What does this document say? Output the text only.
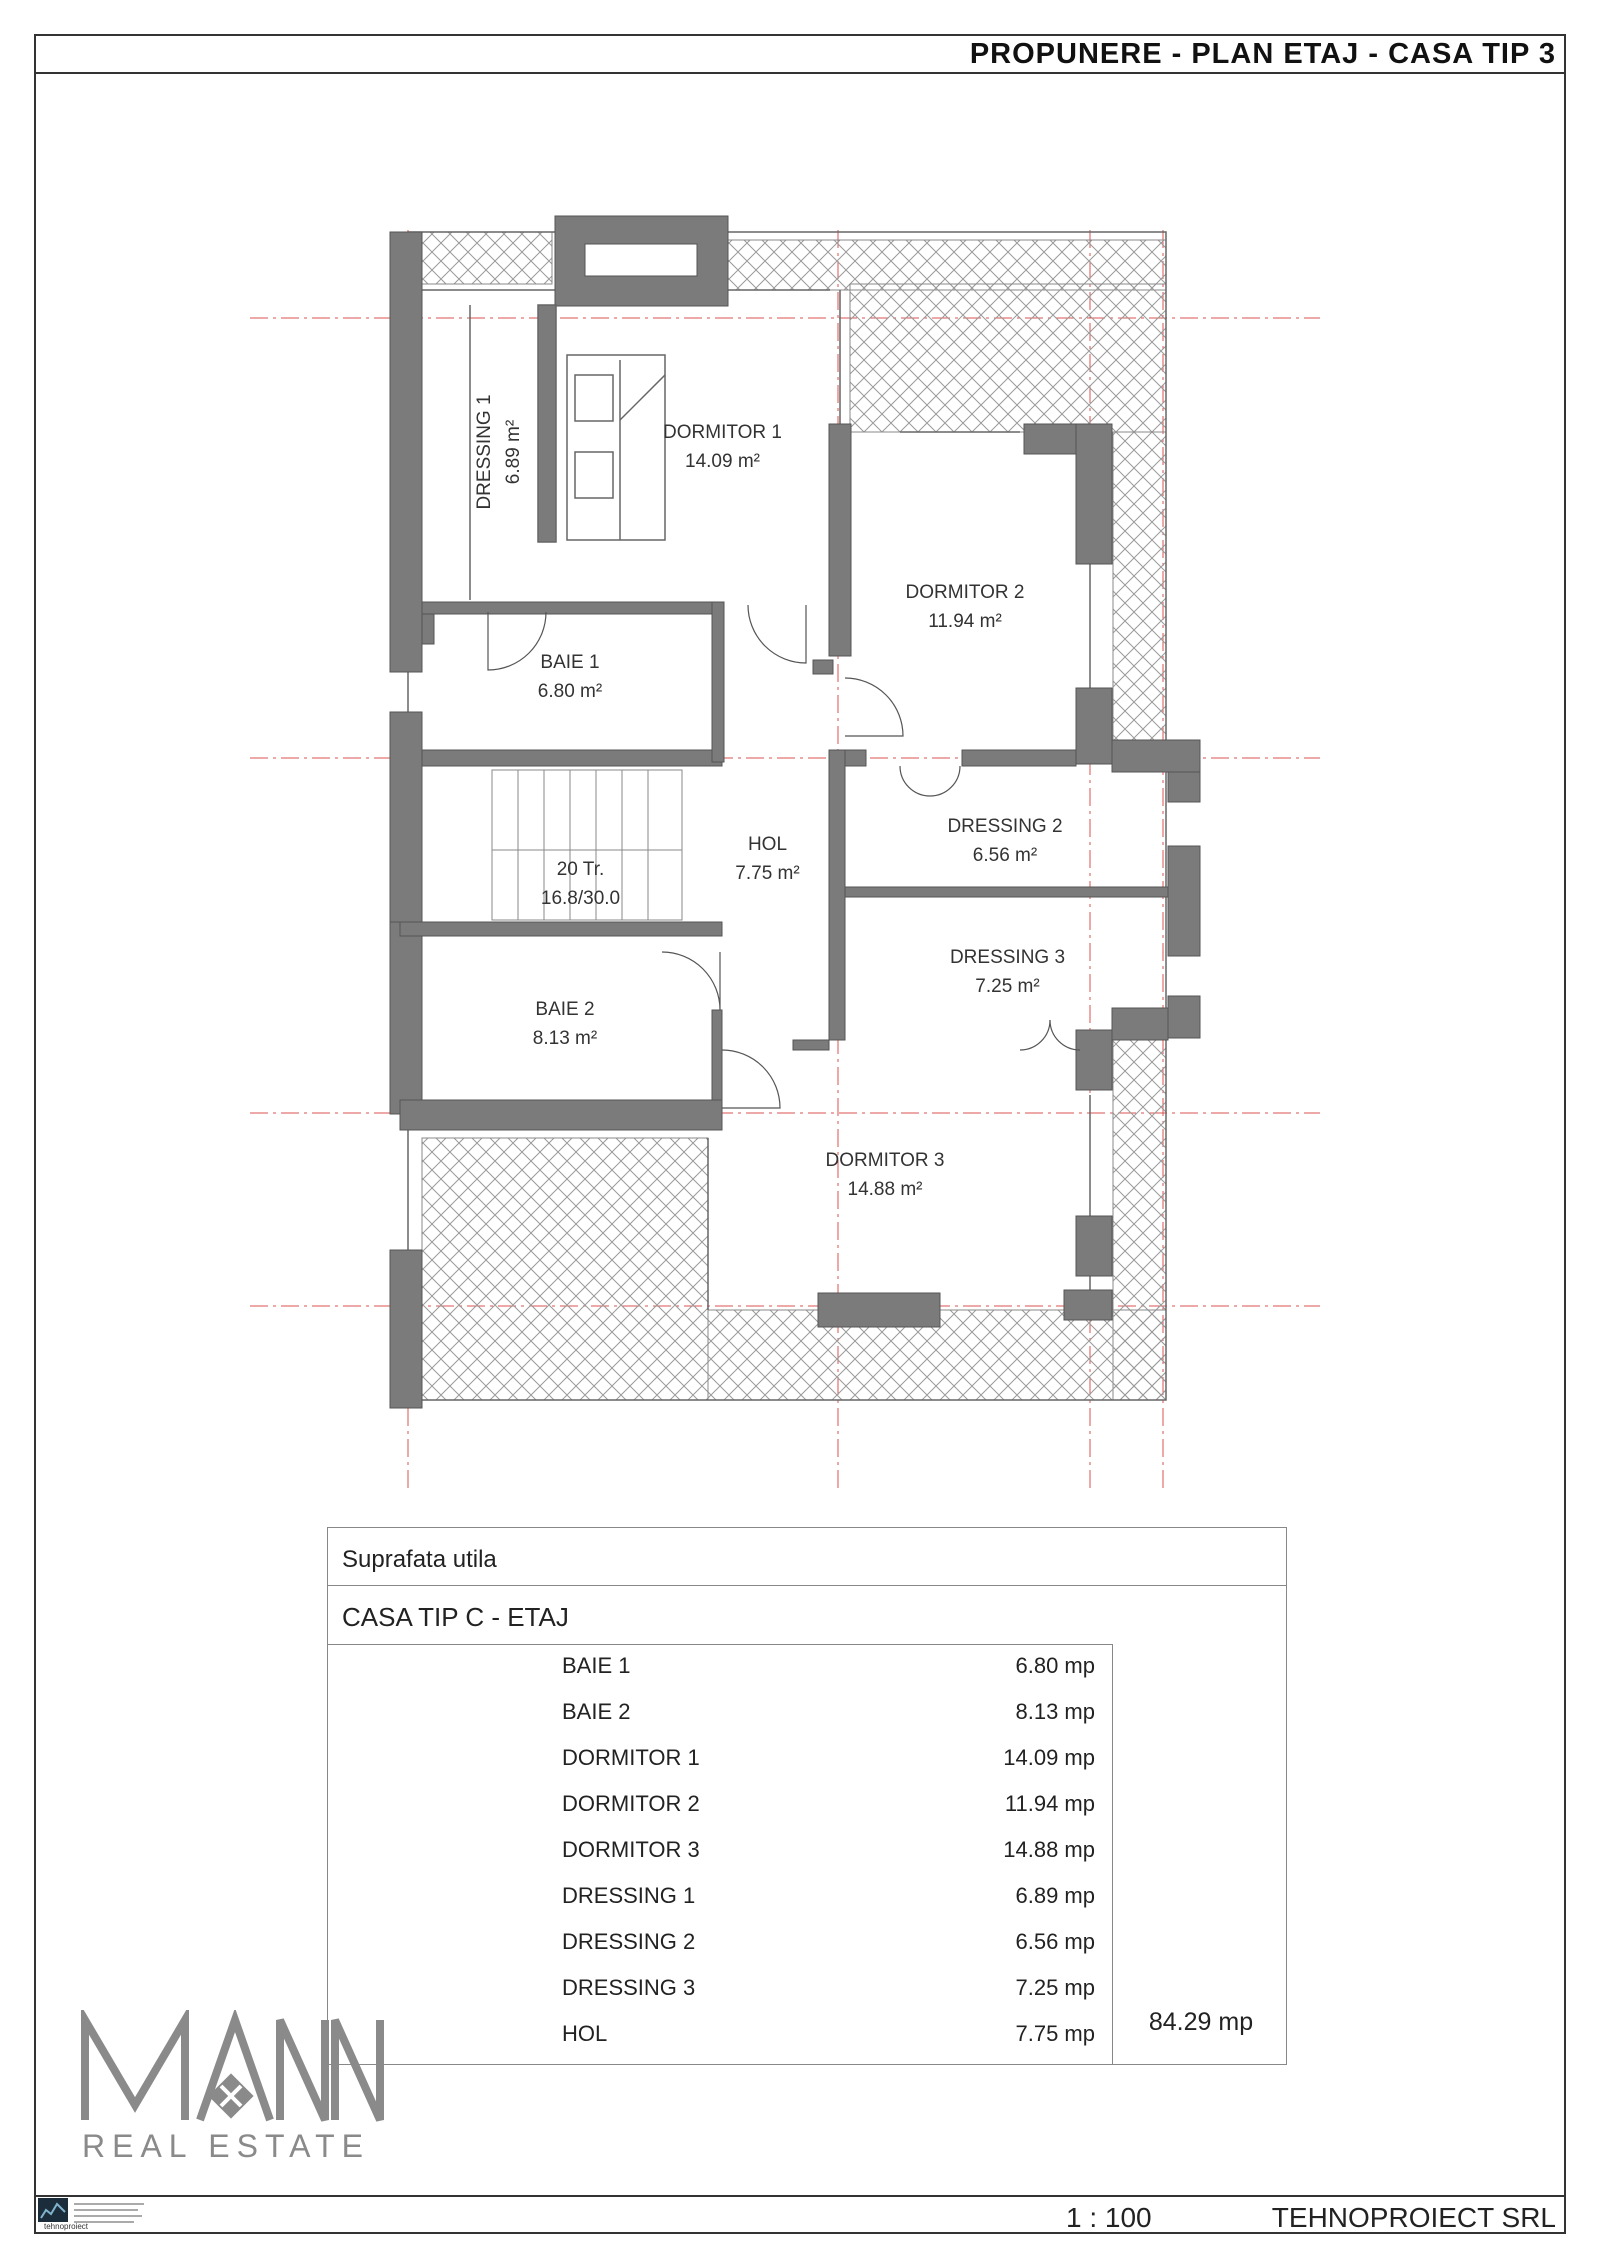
PROPUNERE - PLAN ETAJ - CASA TIP 3
DORMITOR 1
14.09 m²
DORMITOR 2
11.94 m²
DRESSING 1 6.89 m²
BAIE 1
6.80 m²
HOL
7.75 m²
20 Tr.
16.8/30.0
DRESSING 2
6.56 m²
DRESSING 3
7.25 m²
BAIE 2
8.13 m²
DORMITOR 3
14.88 m²
Suprafata utila
CASA TIP C - ETAJ
BAIE 1	6.80 mp
BAIE 2	8.13 mp
DORMITOR 1	14.09 mp
DORMITOR 2	11.94 mp
DORMITOR 3	14.88 mp
DRESSING 1	6.89 mp
DRESSING 2	6.56 mp
DRESSING 3	7.25 mp
HOL	7.75 mp	84.29 mp
REAL ESTATE
tehnoproiect	1 : 100	TEHNOPROIECT SRL
